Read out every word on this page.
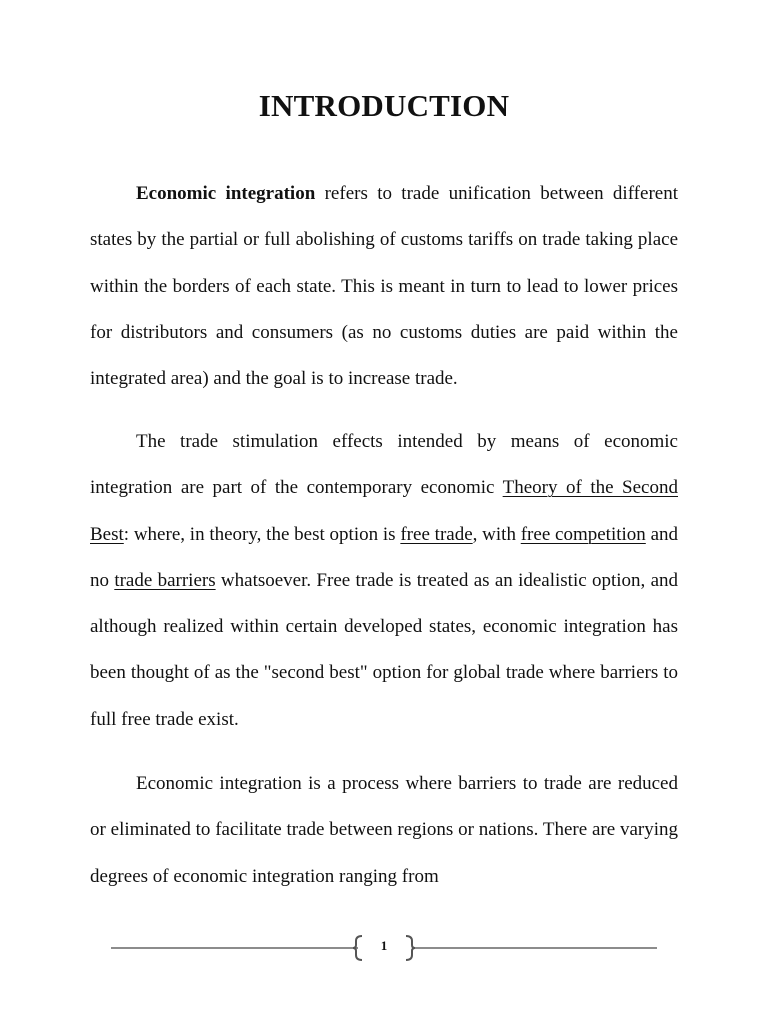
INTRODUCTION

Economic integration refers to trade unification between different states by the partial or full abolishing of customs tariffs on trade taking place within the borders of each state. This is meant in turn to lead to lower prices for distributors and consumers (as no customs duties are paid within the integrated area) and the goal is to increase trade.

The trade stimulation effects intended by means of economic integration are part of the contemporary economic Theory of the Second Best: where, in theory, the best option is free trade, with free competition and no trade barriers whatsoever. Free trade is treated as an idealistic option, and although realized within certain developed states, economic integration has been thought of as the "second best" option for global trade where barriers to full free trade exist.

Economic integration is a process where barriers to trade are reduced or eliminated to facilitate trade between regions or nations. There are varying degrees of economic integration ranging from

1
